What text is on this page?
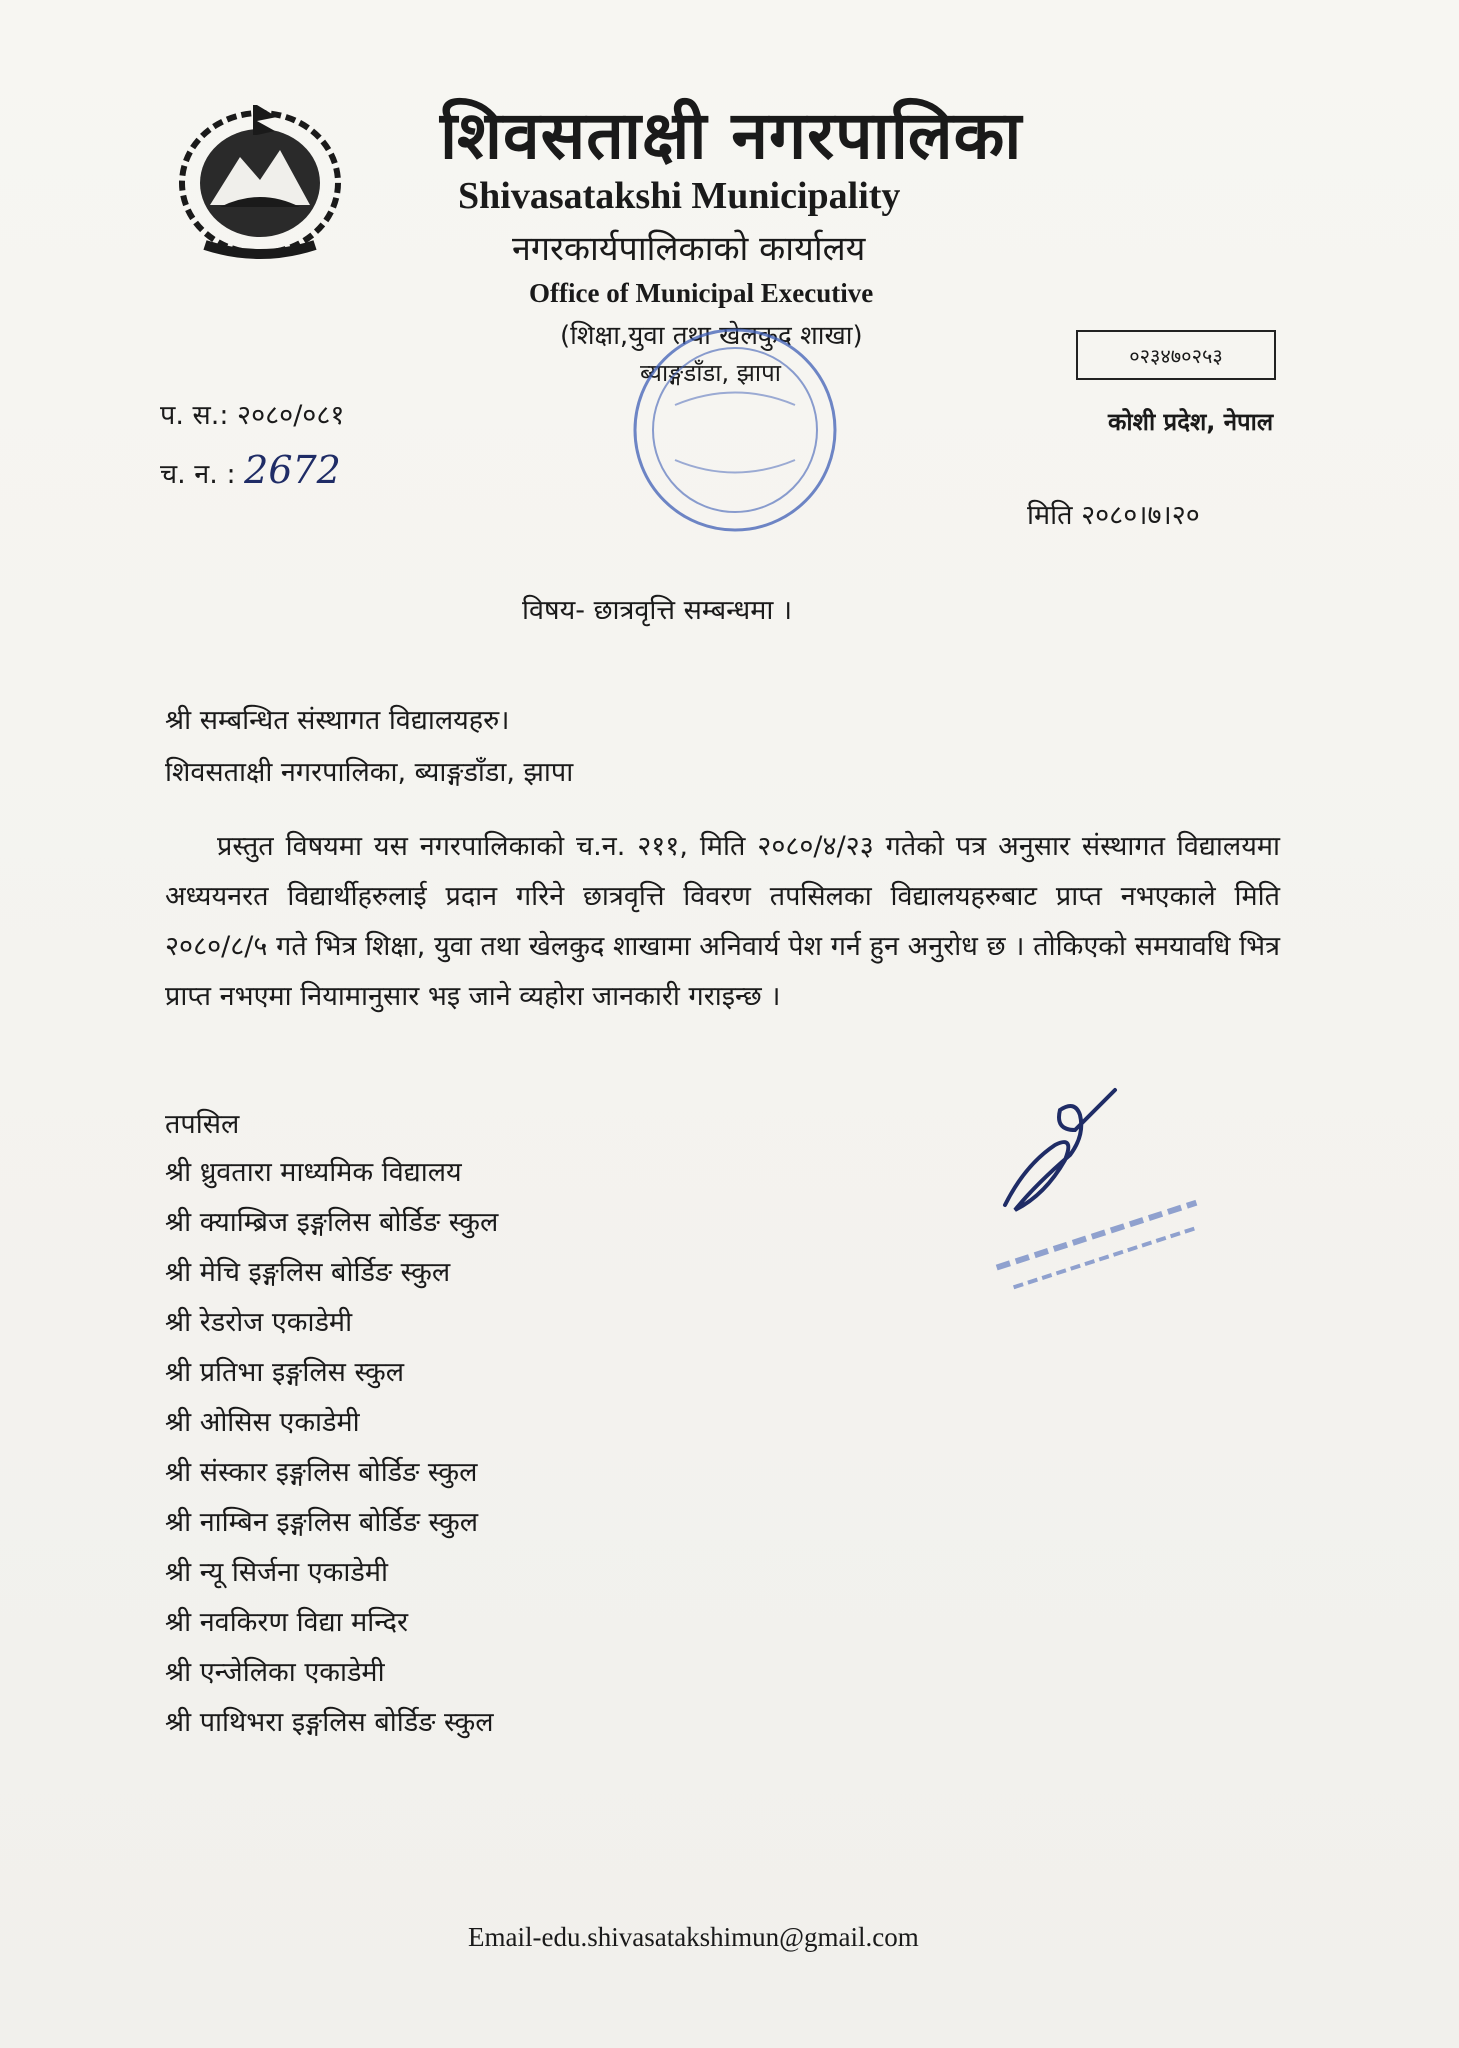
शिवसताक्षी नगरपालिका
Shivasatakshi Municipality
नगरकार्यपालिकाको कार्यालय
Office of Municipal Executive
(शिक्षा,युवा तथा खेलकुद शाखा)
ब्याङ्गडाँडा, झापा
०२३४७०२५३
कोशी प्रदेश, नेपाल
प. स.: २०८०/०८१
च. न. : 2672
मिति २०८०।७।२०
विषय- छात्रवृत्ति सम्बन्धमा ।
श्री सम्बन्धित संस्थागत विद्यालयहरु।
शिवसताक्षी नगरपालिका, ब्याङ्गडाँडा, झापा
प्रस्तुत विषयमा यस नगरपालिकाको च.न. २११, मिति २०८०/४/२३ गतेको पत्र अनुसार संस्थागत विद्यालयमा अध्ययनरत विद्यार्थीहरुलाई प्रदान गरिने छात्रवृत्ति विवरण तपसिलका विद्यालयहरुबाट प्राप्त नभएकाले मिति २०८०/८/५ गते भित्र शिक्षा, युवा तथा खेलकुद शाखामा अनिवार्य पेश गर्न हुन अनुरोध छ । तोकिएको समयावधि भित्र प्राप्त नभएमा नियामानुसार भइ जाने व्यहोरा जानकारी गराइन्छ ।
तपसिल
श्री ध्रुवतारा माध्यमिक विद्यालय
श्री क्याम्ब्रिज इङ्गलिस बोर्डिङ स्कुल
श्री मेचि इङ्गलिस बोर्डिङ स्कुल
श्री रेडरोज एकाडेमी
श्री प्रतिभा इङ्गलिस स्कुल
श्री ओसिस एकाडेमी
श्री संस्कार इङ्गलिस बोर्डिङ स्कुल
श्री नाम्बिन इङ्गलिस बोर्डिङ स्कुल
श्री न्यू सिर्जना एकाडेमी
श्री नवकिरण विद्या मन्दिर
श्री एन्जेलिका एकाडेमी
श्री पाथिभरा इङ्गलिस बोर्डिङ स्कुल
Email-edu.shivasatakshimun@gmail.com
